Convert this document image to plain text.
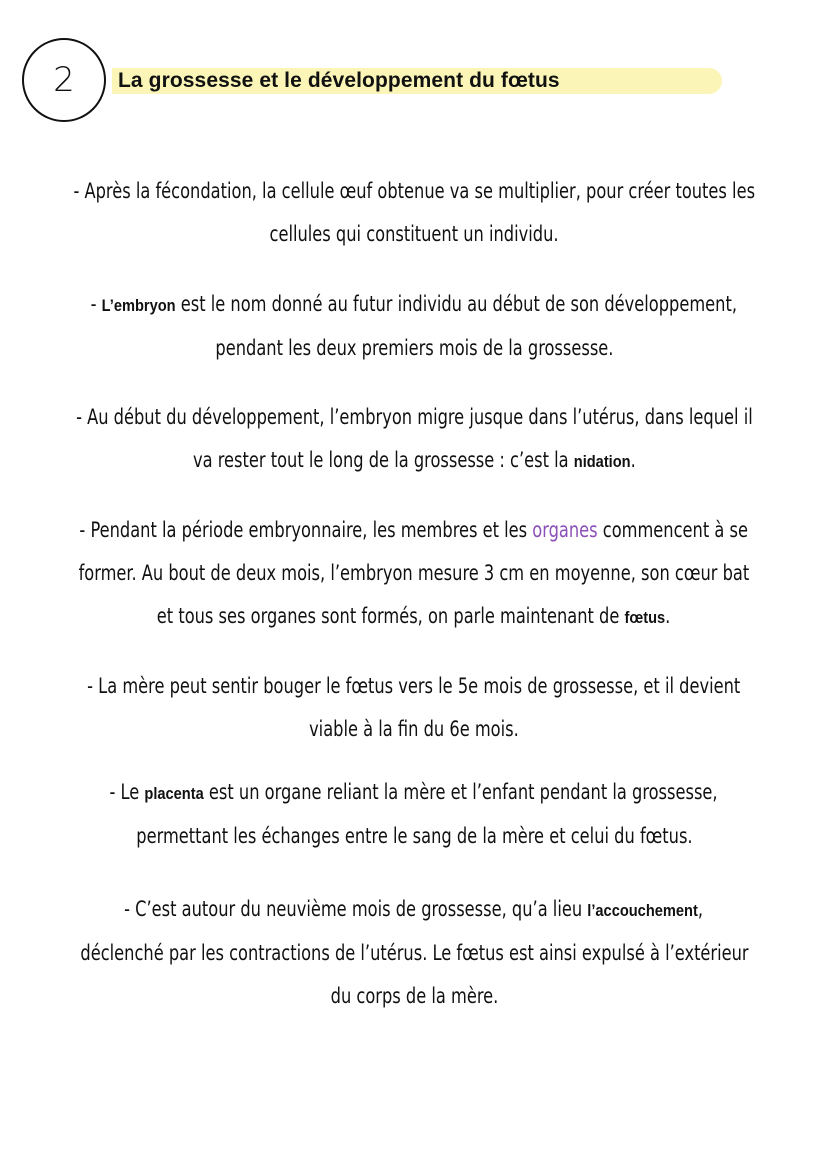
2	La grossesse et le développement du fœtus
- Après la fécondation, la cellule œuf obtenue va se multiplier, pour créer toutes les
cellules qui constituent un individu.
- L’embryon est le nom donné au futur individu au début de son développement,
pendant les deux premiers mois de la grossesse.
- Au début du développement, l’embryon migre jusque dans l’utérus, dans lequel il
va rester tout le long de la grossesse : c’est la nidation.
- Pendant la période embryonnaire, les membres et les organes commencent à se
former. Au bout de deux mois, l’embryon mesure 3 cm en moyenne, son cœur bat
et tous ses organes sont formés, on parle maintenant de fœtus.
- La mère peut sentir bouger le fœtus vers le 5e mois de grossesse, et il devient
viable à la fin du 6e mois.
- Le placenta est un organe reliant la mère et l’enfant pendant la grossesse,
permettant les échanges entre le sang de la mère et celui du fœtus.
- C’est autour du neuvième mois de grossesse, qu’a lieu l’accouchement,
déclenché par les contractions de l’utérus. Le fœtus est ainsi expulsé à l’extérieur
du corps de la mère.
